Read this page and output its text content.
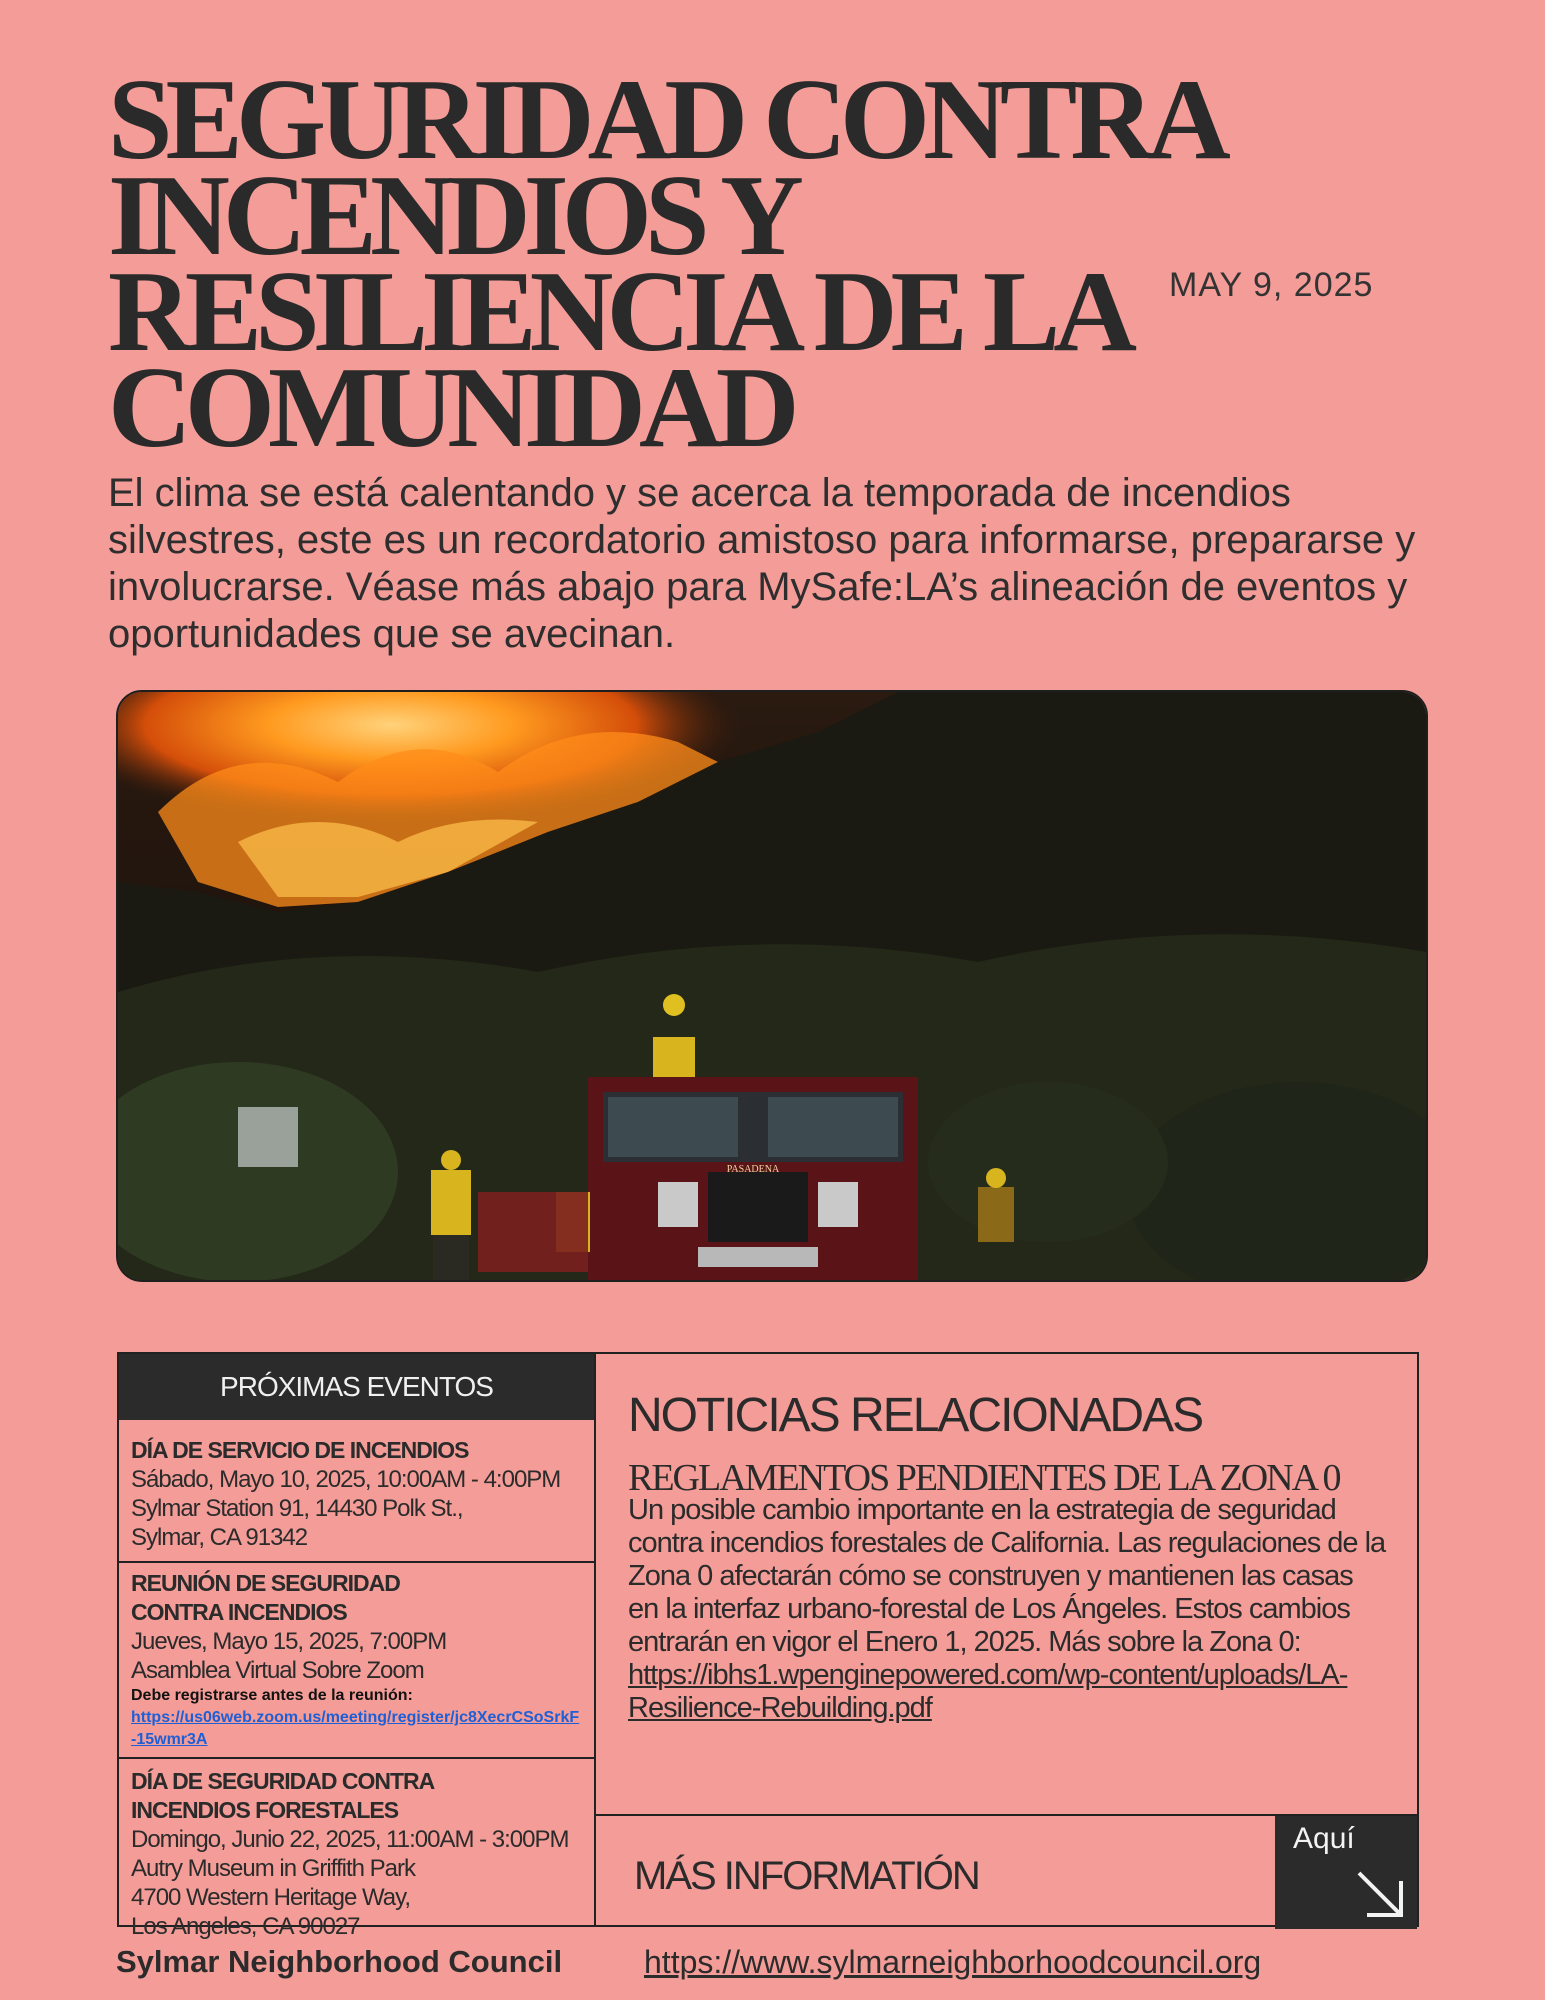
SEGURIDAD CONTRA
INCENDIOS Y
RESILIENCIA DE LA
COMUNIDAD
MAY 9, 2025

El clima se está calentando y se acerca la temporada de incendios silvestres, este es un recordatorio amistoso para informarse, prepararse y involucrarse. Véase más abajo para MySafe:LA’s alineación de eventos y oportunidades que se avecinan.

PASADENA
PRÓXIMAS EVENTOS
DÍA DE SERVICIO DE INCENDIOS
Sábado, Mayo 10, 2025, 10:00AM - 4:00PM
Sylmar Station 91, 14430 Polk St.,
Sylmar, CA 91342
REUNIÓN DE SEGURIDAD
CONTRA INCENDIOS
Jueves, Mayo 15, 2025, 7:00PM
Asamblea Virtual Sobre Zoom
Debe registrarse antes de la reunión:
https://us06web.zoom.us/meeting/register/jc8XecrCSoSrkF-15wmr3A
DÍA DE SEGURIDAD CONTRA
INCENDIOS FORESTALES
Domingo, Junio 22, 2025, 11:00AM - 3:00PM
Autry Museum in Griffith Park
4700 Western Heritage Way,
Los Angeles, CA 90027
NOTICIAS RELACIONADAS
REGLAMENTOS PENDIENTES DE LA ZONA 0
Un posible cambio importante en la estrategia de seguridad contra incendios forestales de California. Las regulaciones de la Zona 0 afectarán cómo se construyen y mantienen las casas en la interfaz urbano-forestal de Los Ángeles. Estos cambios entrarán en vigor el Enero 1, 2025. Más sobre la Zona 0:
https://ibhs1.wpenginepowered.com/wp-content/uploads/LA-Resilience-Rebuilding.pdf
MÁS INFORMATIÓN
Aquí
Sylmar Neighborhood Council	https://www.sylmarneighborhoodcouncil.org
